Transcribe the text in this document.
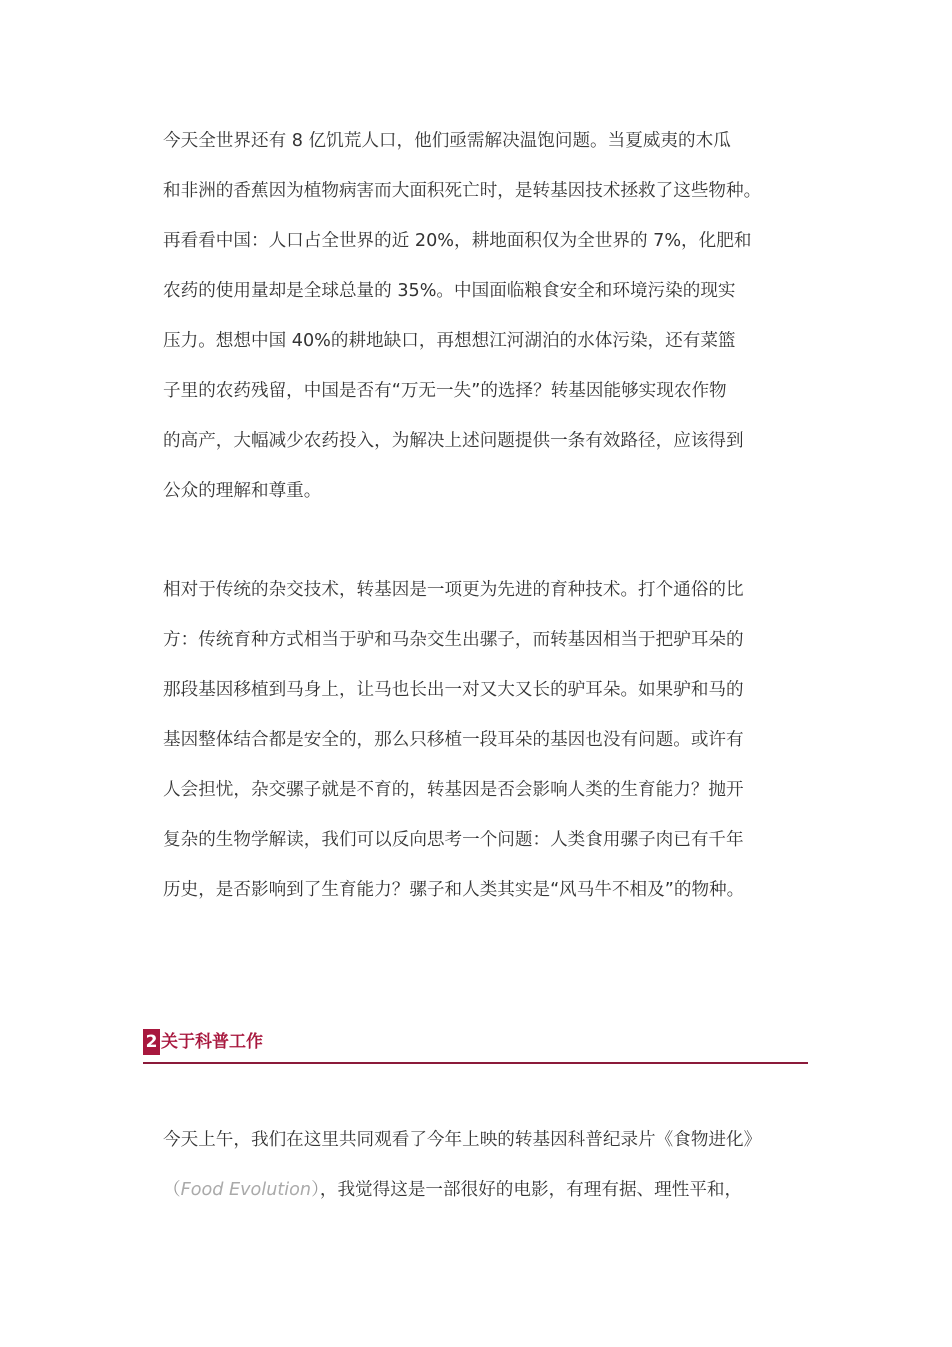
今天全世界还有 8 亿饥荒人口，他们亟需解决温饱问题。当夏威夷的木瓜
和非洲的香蕉因为植物病害而大面积死亡时，是转基因技术拯救了这些物种。
再看看中国：人口占全世界的近 20%，耕地面积仅为全世界的 7%，化肥和
农药的使用量却是全球总量的 35%。中国面临粮食安全和环境污染的现实
压力。想想中国 40%的耕地缺口，再想想江河湖泊的水体污染，还有菜篮
子里的农药残留，中国是否有“万无一失”的选择？转基因能够实现农作物
的高产，大幅减少农药投入，为解决上述问题提供一条有效路径，应该得到
公众的理解和尊重。

相对于传统的杂交技术，转基因是一项更为先进的育种技术。打个通俗的比
方：传统育种方式相当于驴和马杂交生出骡子，而转基因相当于把驴耳朵的
那段基因移植到马身上，让马也长出一对又大又长的驴耳朵。如果驴和马的
基因整体结合都是安全的，那么只移植一段耳朵的基因也没有问题。或许有
人会担忧，杂交骡子就是不育的，转基因是否会影响人类的生育能力？抛开
复杂的生物学解读，我们可以反向思考一个问题：人类食用骡子肉已有千年
历史，是否影响到了生育能力？骡子和人类其实是“风马牛不相及”的物种。

2 关于科普工作

今天上午，我们在这里共同观看了今年上映的转基因科普纪录片《食物进化》
（Food Evolution），我觉得这是一部很好的电影，有理有据、理性平和，
